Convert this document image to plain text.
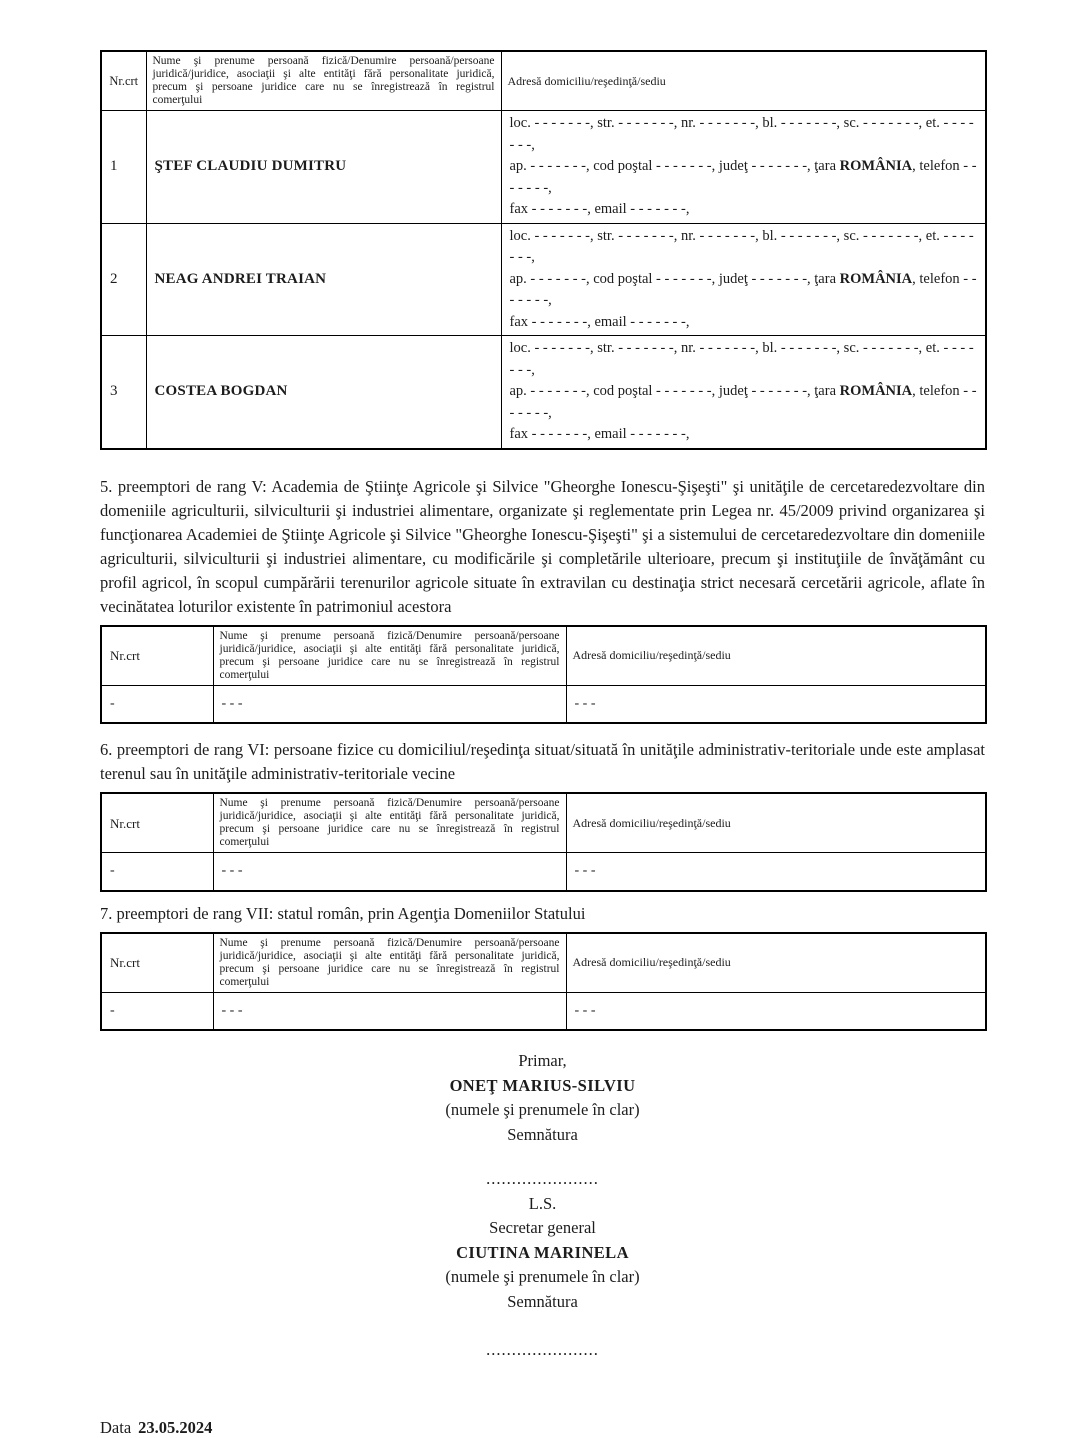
Nr.crt	Nume şi prenume persoană fizică/Denumire persoană/persoane juridică/juridice, asociaţii şi alte entităţi fără personalitate juridică, precum şi persoane juridice care nu se înregistrează în registrul comerţului	Adresă domiciliu/reşedinţă/sediu
1	ŞTEF CLAUDIU DUMITRU	loc. - - - - - - -, str. - - - - - - -, nr. - - - - - - -, bl. - - - - - - -, sc. - - - - - - -, et. - - - - - - -,
ap. - - - - - - -, cod poştal - - - - - - -, judeţ - - - - - - -, ţara ROMÂNIA, telefon - - - - - - -,
fax - - - - - - -, email - - - - - - -,

2	NEAG ANDREI TRAIAN	loc. - - - - - - -, str. - - - - - - -, nr. - - - - - - -, bl. - - - - - - -, sc. - - - - - - -, et. - - - - - - -,
ap. - - - - - - -, cod poştal - - - - - - -, judeţ - - - - - - -, ţara ROMÂNIA, telefon - - - - - - -,
fax - - - - - - -, email - - - - - - -,

3	COSTEA BOGDAN	loc. - - - - - - -, str. - - - - - - -, nr. - - - - - - -, bl. - - - - - - -, sc. - - - - - - -, et. - - - - - - -,
ap. - - - - - - -, cod poştal - - - - - - -, judeţ - - - - - - -, ţara ROMÂNIA, telefon - - - - - - -,
fax - - - - - - -, email - - - - - - -,

5. preemptori de rang V: Academia de Ştiinţe Agricole şi Silvice "Gheorghe Ionescu-Şişeşti" şi unităţile de cercetaredezvoltare din domeniile agriculturii, silviculturii şi industriei alimentare, organizate şi reglementate prin Legea nr. 45/2009 privind organizarea şi funcţionarea Academiei de Ştiinţe Agricole şi Silvice "Gheorghe Ionescu-Şişeşti" şi a sistemului de cercetaredezvoltare din domeniile agriculturii, silviculturii şi industriei alimentare, cu modificările şi completările ulterioare, precum şi instituţiile de învăţământ cu profil agricol, în scopul cumpărării terenurilor agricole situate în extravilan cu destinaţia strict necesară cercetării agricole, aflate în vecinătatea loturilor existente în patrimoniul acestora

Nr.crt	Nume şi prenume persoană fizică/Denumire persoană/persoane juridică/juridice, asociaţii şi alte entităţi fără personalitate juridică, precum şi persoane juridice care nu se înregistrează în registrul comerţului	Adresă domiciliu/reşedinţă/sediu
-	- - -	- - -

6. preemptori de rang VI: persoane fizice cu domiciliul/reşedinţa situat/situată în unităţile administrativ-teritoriale unde este amplasat terenul sau în unităţile administrativ-teritoriale vecine

Nr.crt	Nume şi prenume persoană fizică/Denumire persoană/persoane juridică/juridice, asociaţii şi alte entităţi fără personalitate juridică, precum şi persoane juridice care nu se înregistrează în registrul comerţului	Adresă domiciliu/reşedinţă/sediu
-	- - -	- - -

7. preemptori de rang VII: statul român, prin Agenţia Domeniilor Statului

Nr.crt	Nume şi prenume persoană fizică/Denumire persoană/persoane juridică/juridice, asociaţii şi alte entităţi fără personalitate juridică, precum şi persoane juridice care nu se înregistrează în registrul comerţului	Adresă domiciliu/reşedinţă/sediu
-	- - -	- - -
Primar,
ONEŢ MARIUS-SILVIU
(numele şi prenumele în clar)
Semnătura
......................
L.S.
Secretar general
CIUTINA MARINELA
(numele şi prenumele în clar)
Semnătura
......................

Data 23.05.2024
